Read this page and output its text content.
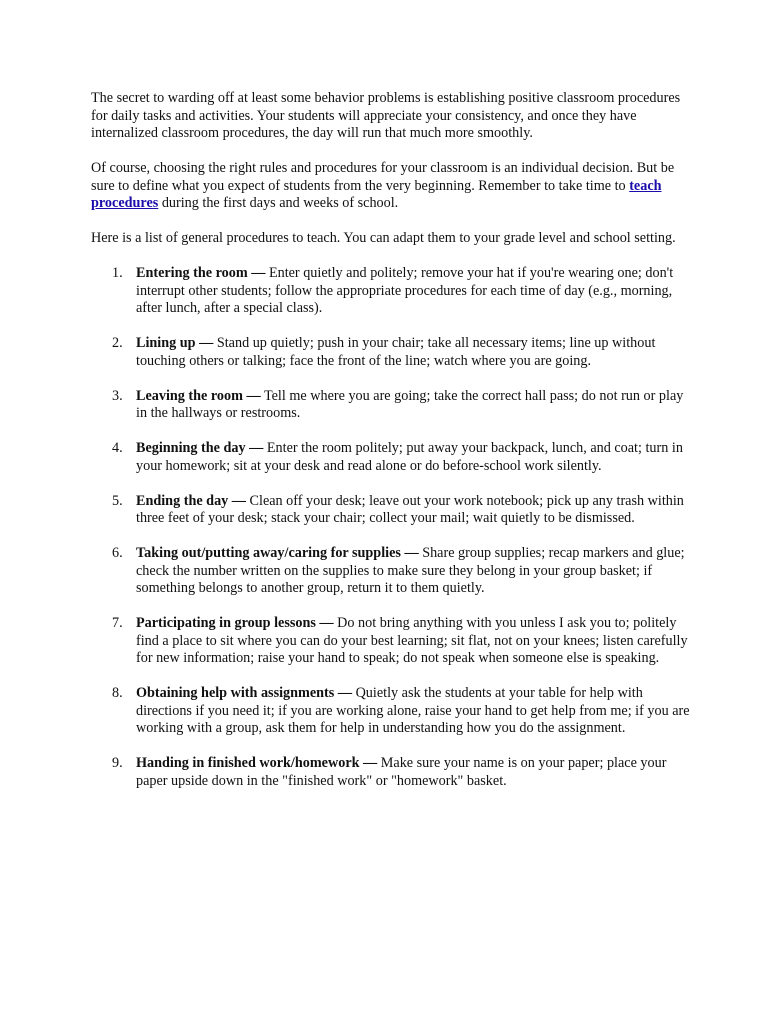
The secret to warding off at least some behavior problems is establishing positive classroom procedures for daily tasks and activities. Your students will appreciate your consistency, and once they have internalized classroom procedures, the day will run that much more smoothly.

Of course, choosing the right rules and procedures for your classroom is an individual decision. But be sure to define what you expect of students from the very beginning. Remember to take time to teach procedures during the first days and weeks of school.

Here is a list of general procedures to teach. You can adapt them to your grade level and school setting.

1. Entering the room — Enter quietly and politely; remove your hat if you're wearing one; don't interrupt other students; follow the appropriate procedures for each time of day (e.g., morning, after lunch, after a special class).
2. Lining up — Stand up quietly; push in your chair; take all necessary items; line up without touching others or talking; face the front of the line; watch where you are going.
3. Leaving the room — Tell me where you are going; take the correct hall pass; do not run or play in the hallways or restrooms.
4. Beginning the day — Enter the room politely; put away your backpack, lunch, and coat; turn in your homework; sit at your desk and read alone or do before-school work silently.
5. Ending the day — Clean off your desk; leave out your work notebook; pick up any trash within three feet of your desk; stack your chair; collect your mail; wait quietly to be dismissed.
6. Taking out/putting away/caring for supplies — Share group supplies; recap markers and glue; check the number written on the supplies to make sure they belong in your group basket; if something belongs to another group, return it to them quietly.
7. Participating in group lessons — Do not bring anything with you unless I ask you to; politely find a place to sit where you can do your best learning; sit flat, not on your knees; listen carefully for new information; raise your hand to speak; do not speak when someone else is speaking.
8. Obtaining help with assignments — Quietly ask the students at your table for help with directions if you need it; if you are working alone, raise your hand to get help from me; if you are working with a group, ask them for help in understanding how you do the assignment.
9. Handing in finished work/homework — Make sure your name is on your paper; place your paper upside down in the "finished work" or "homework" basket.
